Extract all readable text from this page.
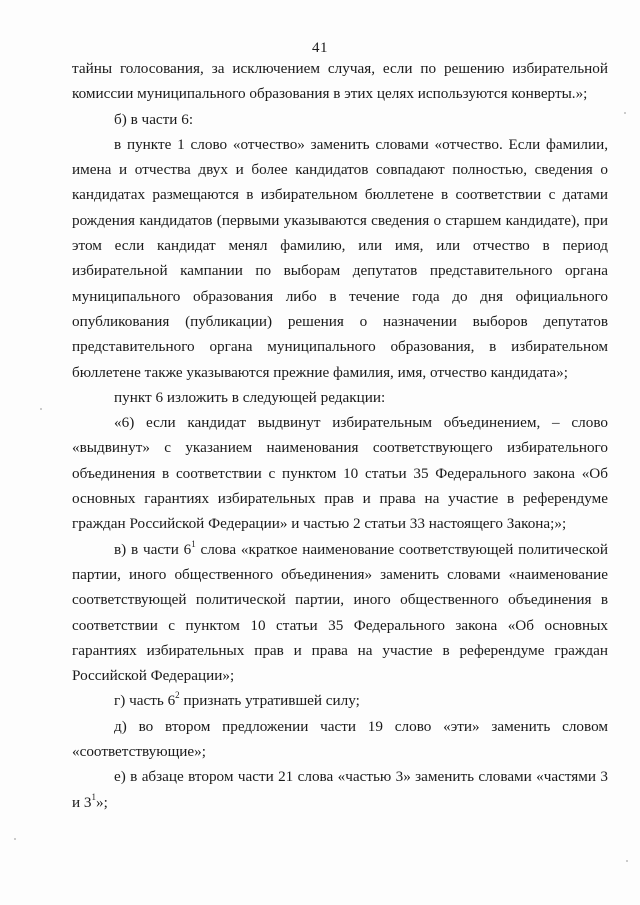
41

тайны голосования, за исключением случая, если по решению избирательной комиссии муниципального образования в этих целях используются конверты.»;

б) в части 6:

в пункте 1 слово «отчество» заменить словами «отчество. Если фамилии, имена и отчества двух и более кандидатов совпадают полностью, сведения о кандидатах размещаются в избирательном бюллетене в соответствии с датами рождения кандидатов (первыми указываются сведения о старшем кандидате), при этом если кандидат менял фамилию, или имя, или отчество в период избирательной кампании по выборам депутатов представительного органа муниципального образования либо в течение года до дня официального опубликования (публикации) решения о назначении выборов депутатов представительного органа муниципального образования, в избирательном бюллетене также указываются прежние фамилия, имя, отчество кандидата»;

пункт 6 изложить в следующей редакции:

«6) если кандидат выдвинут избирательным объединением, – слово «выдвинут» с указанием наименования соответствующего избирательного объединения в соответствии с пунктом 10 статьи 35 Федерального закона «Об основных гарантиях избирательных прав и права на участие в референдуме граждан Российской Федерации» и частью 2 статьи 33 настоящего Закона;»;

в) в части $6^1$ слова «краткое наименование соответствующей политической партии, иного общественного объединения» заменить словами «наименование соответствующей политической партии, иного общественного объединения в соответствии с пунктом 10 статьи 35 Федерального закона «Об основных гарантиях избирательных прав и права на участие в референдуме граждан Российской Федерации»;

г) часть $6^2$ признать утратившей силу;

д) во втором предложении части 19 слово «эти» заменить словом «соответствующие»;

е) в абзаце втором части 21 слова «частью 3» заменить словами «частями 3 и $3^1$»;
